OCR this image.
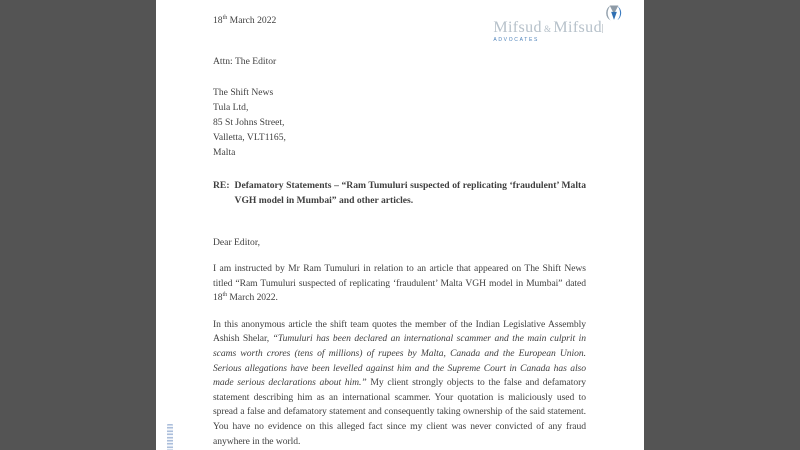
Mifsud & Mifsud
ADVOCATES
18th March 2022
Attn: The Editor
The Shift News
Tula Ltd,
85 St Johns Street,
Valletta, VLT1165,
Malta
RE: Defamatory Statements – “Ram Tumuluri suspected of replicating ‘fraudulent’ Malta VGH model in Mumbai” and other articles.
Dear Editor,

I am instructed by Mr Ram Tumuluri in relation to an article that appeared on The Shift News titled “Ram Tumuluri suspected of replicating ‘fraudulent’ Malta VGH model in Mumbai” dated 18th March 2022.

In this anonymous article the shift team quotes the member of the Indian Legislative Assembly Ashish Shelar, “Tumuluri has been declared an international scammer and the main culprit in scams worth crores (tens of millions) of rupees by Malta, Canada and the European Union. Serious allegations have been levelled against him and the Supreme Court in Canada has also made serious declarations about him.” My client strongly objects to the false and defamatory statement describing him as an international scammer. Your quotation is maliciously used to spread a false and defamatory statement and consequently taking ownership of the said statement. You have no evidence on this alleged fact since my client was never convicted of any fraud anywhere in the world.
